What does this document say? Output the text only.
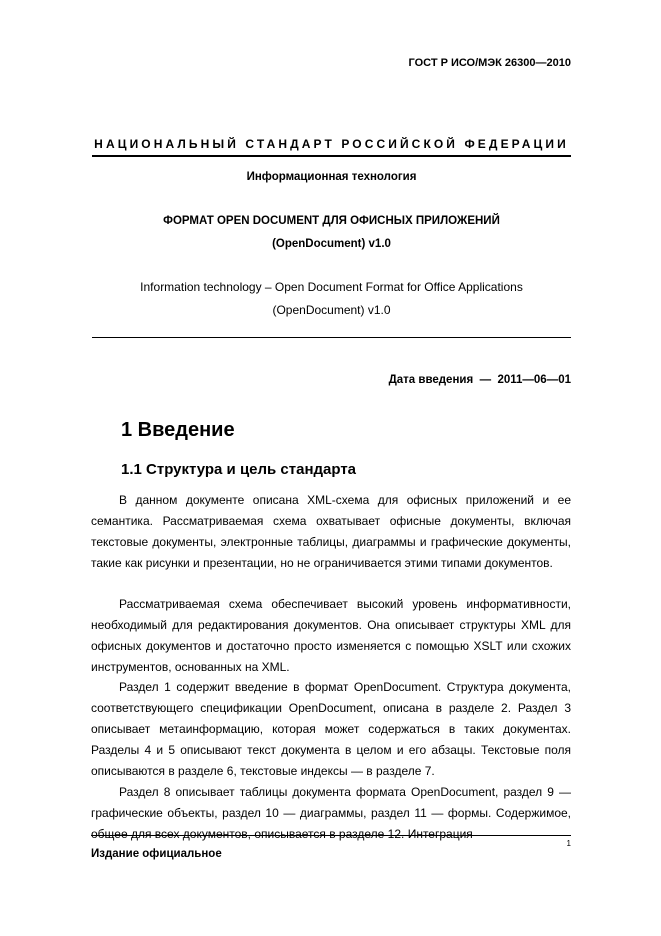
ГОСТ Р ИСО/МЭК 26300—2010
НАЦИОНАЛЬНЫЙ СТАНДАРТ РОССИЙСКОЙ ФЕДЕРАЦИИ
Информационная технология
ФОРМАТ OPEN DOCUMENT ДЛЯ ОФИСНЫХ ПРИЛОЖЕНИЙ
(OpenDocument) v1.0
Information technology – Open Document Format for Office Applications
(OpenDocument) v1.0
Дата введения  —  2011—06—01
1 Введение
1.1 Структура и цель стандарта

В данном документе описана XML-схема для офисных приложений и ее семантика. Рассматриваемая схема охватывает офисные документы, включая текстовые документы, электронные таблицы, диаграммы и графические документы, такие как рисунки и презентации, но не ограничивается этими типами документов.

Рассматриваемая схема обеспечивает высокий уровень информативности, необходимый для редактирования документов. Она описывает структуры XML для офисных документов и достаточно просто изменяется с помощью XSLT или схожих инструментов, основанных на XML.

Раздел 1 содержит введение в формат OpenDocument. Структура документа, соответствующего спецификации OpenDocument, описана в разделе 2. Раздел 3 описывает метаинформацию, которая может содержаться в таких документах. Разделы 4 и 5 описывают текст документа в целом и его абзацы. Текстовые поля описываются в разделе 6, текстовые индексы — в разделе 7.

Раздел 8 описывает таблицы документа формата OpenDocument, раздел 9 — графические объекты, раздел 10 — диаграммы, раздел 11 — формы. Содержимое, общее для всех документов, описывается в разделе 12. Интеграция

1
Издание официальное
